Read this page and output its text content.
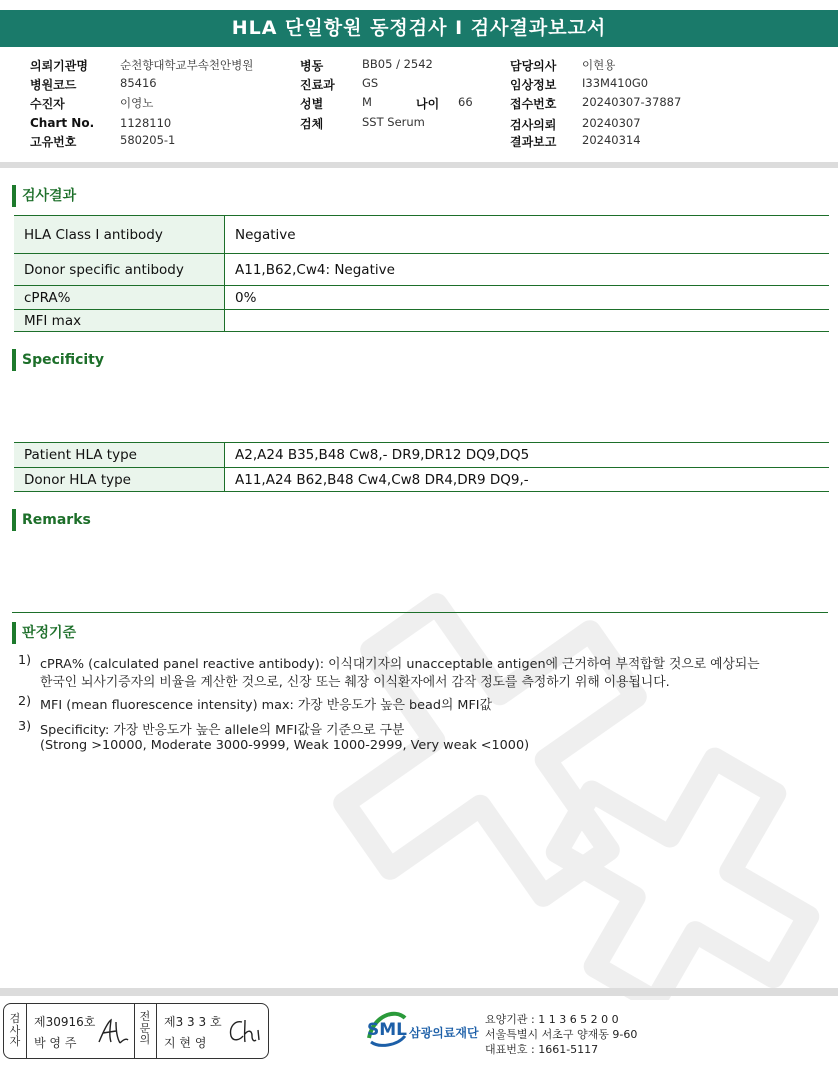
HLA 단일항원 동정검사 I 검사결과보고서
의뢰기관명	순천향대학교부속천안병원
병원코드	85416
수진자	이영노
Chart No. 1128110
고유번호	580205-1
병동	BB05 / 2542
진료과 GS
성별	M
검체	SST Serum
담당의사 이현용
임상정보 I33M410G0
접수번호 20240307-37887
검사의뢰 20240307
결과보고 20240314
나이 66
검사결과
HLA Class I antibody	Negative
Donor specific antibody	A11,B62,Cw4: Negative
cPRA%	0%
MFI max	
Specificity
Patient HLA type	A2,A24 B35,B48 Cw8,- DR9,DR12 DQ9,DQ5
Donor HLA type	A11,A24 B62,B48 Cw4,Cw8 DR4,DR9 DQ9,-
Remarks
판정기준
1) cPRA% (calculated panel reactive antibody): 이식대기자의 unacceptable antigen에 근거하여 부적합할 것으로 예상되는
한국인 뇌사기증자의 비율을 계산한 것으로, 신장 또는 췌장 이식환자에서 감작 정도를 측정하기 위해 이용됩니다.
2) MFI (mean fluorescence intensity) max: 가장 반응도가 높은 bead의 MFI값
3) Specificity: 가장 반응도가 높은 allele의 MFI값을 기준으로 구분
(Strong >10000, Moderate 3000-9999, Weak 1000-2999, Very weak <1000)
검
사
자
제30916호
박 영 주
전
문
의
제3 3 3 호
지 현 영
SML 삼광의료재단
요양기관 : 1 1 3 6 5 2 0 0
서울특별시 서초구 양재동 9-60
대표번호 : 1661-5117
